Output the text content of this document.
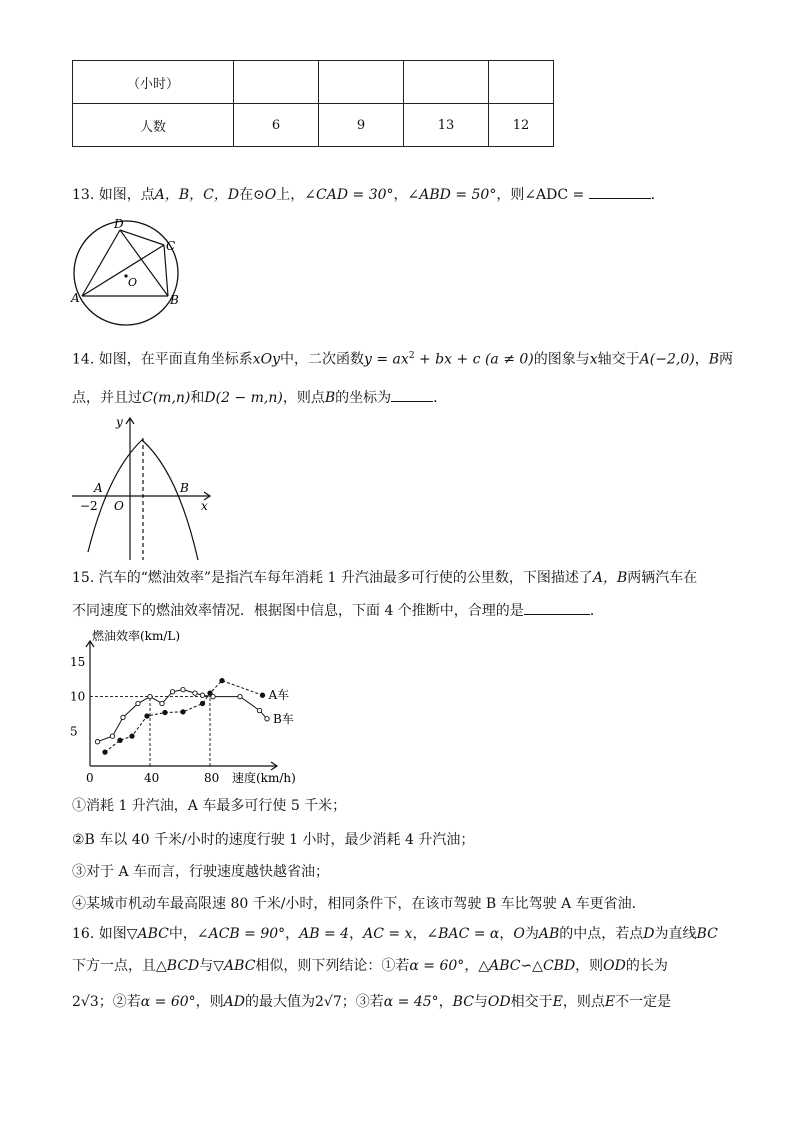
（小时）				
人数	6	9	13	12
13. 如图，点A，B，C，D在⊙O上，∠CAD = 30°，∠ABD = 50°，则∠ADC =	．
D
C
A	B
O
14. 如图，在平面直角坐标系xOy中，二次函数$y = ax^2$ + bx + c (a ≠ 0)的图象与x轴交于A(−2,0)，B两
点，并且过C(m,n)和D(2 − m,n)，则点B的坐标为	．
y
x
A	B
O
−2
15. 汽车的“燃油效率”是指汽车每年消耗 1 升汽油最多可行使的公里数，下图描述了A，B两辆汽车在
不同速度下的燃油效率情况．根据图中信息，下面 4 个推断中，合理的是	．
燃油效率(km/L)
速度(km/h)
0	40	80
5
10
15
A车
B车
①消耗 1 升汽油，A 车最多可行使 5 千米；
②B 车以 40 千米/小时的速度行驶 1 小时，最少消耗 4 升汽油；
③对于 A 车而言，行驶速度越快越省油；
④某城市机动车最高限速 80 千米/小时，相同条件下，在该市驾驶 B 车比驾驶 A 车更省油．
16. 如图▽ABC中，∠ACB = 90°，AB = 4，AC = x，∠BAC = α，O为AB的中点，若点D为直线BC
下方一点，且△BCD与▽ABC相似，则下列结论：①若α = 60°，△ABC∽△CBD，则OD的长为
2√3；②若α = 60°，则AD的最大值为2√7；③若α = 45°，BC与OD相交于E，则点E不一定是
